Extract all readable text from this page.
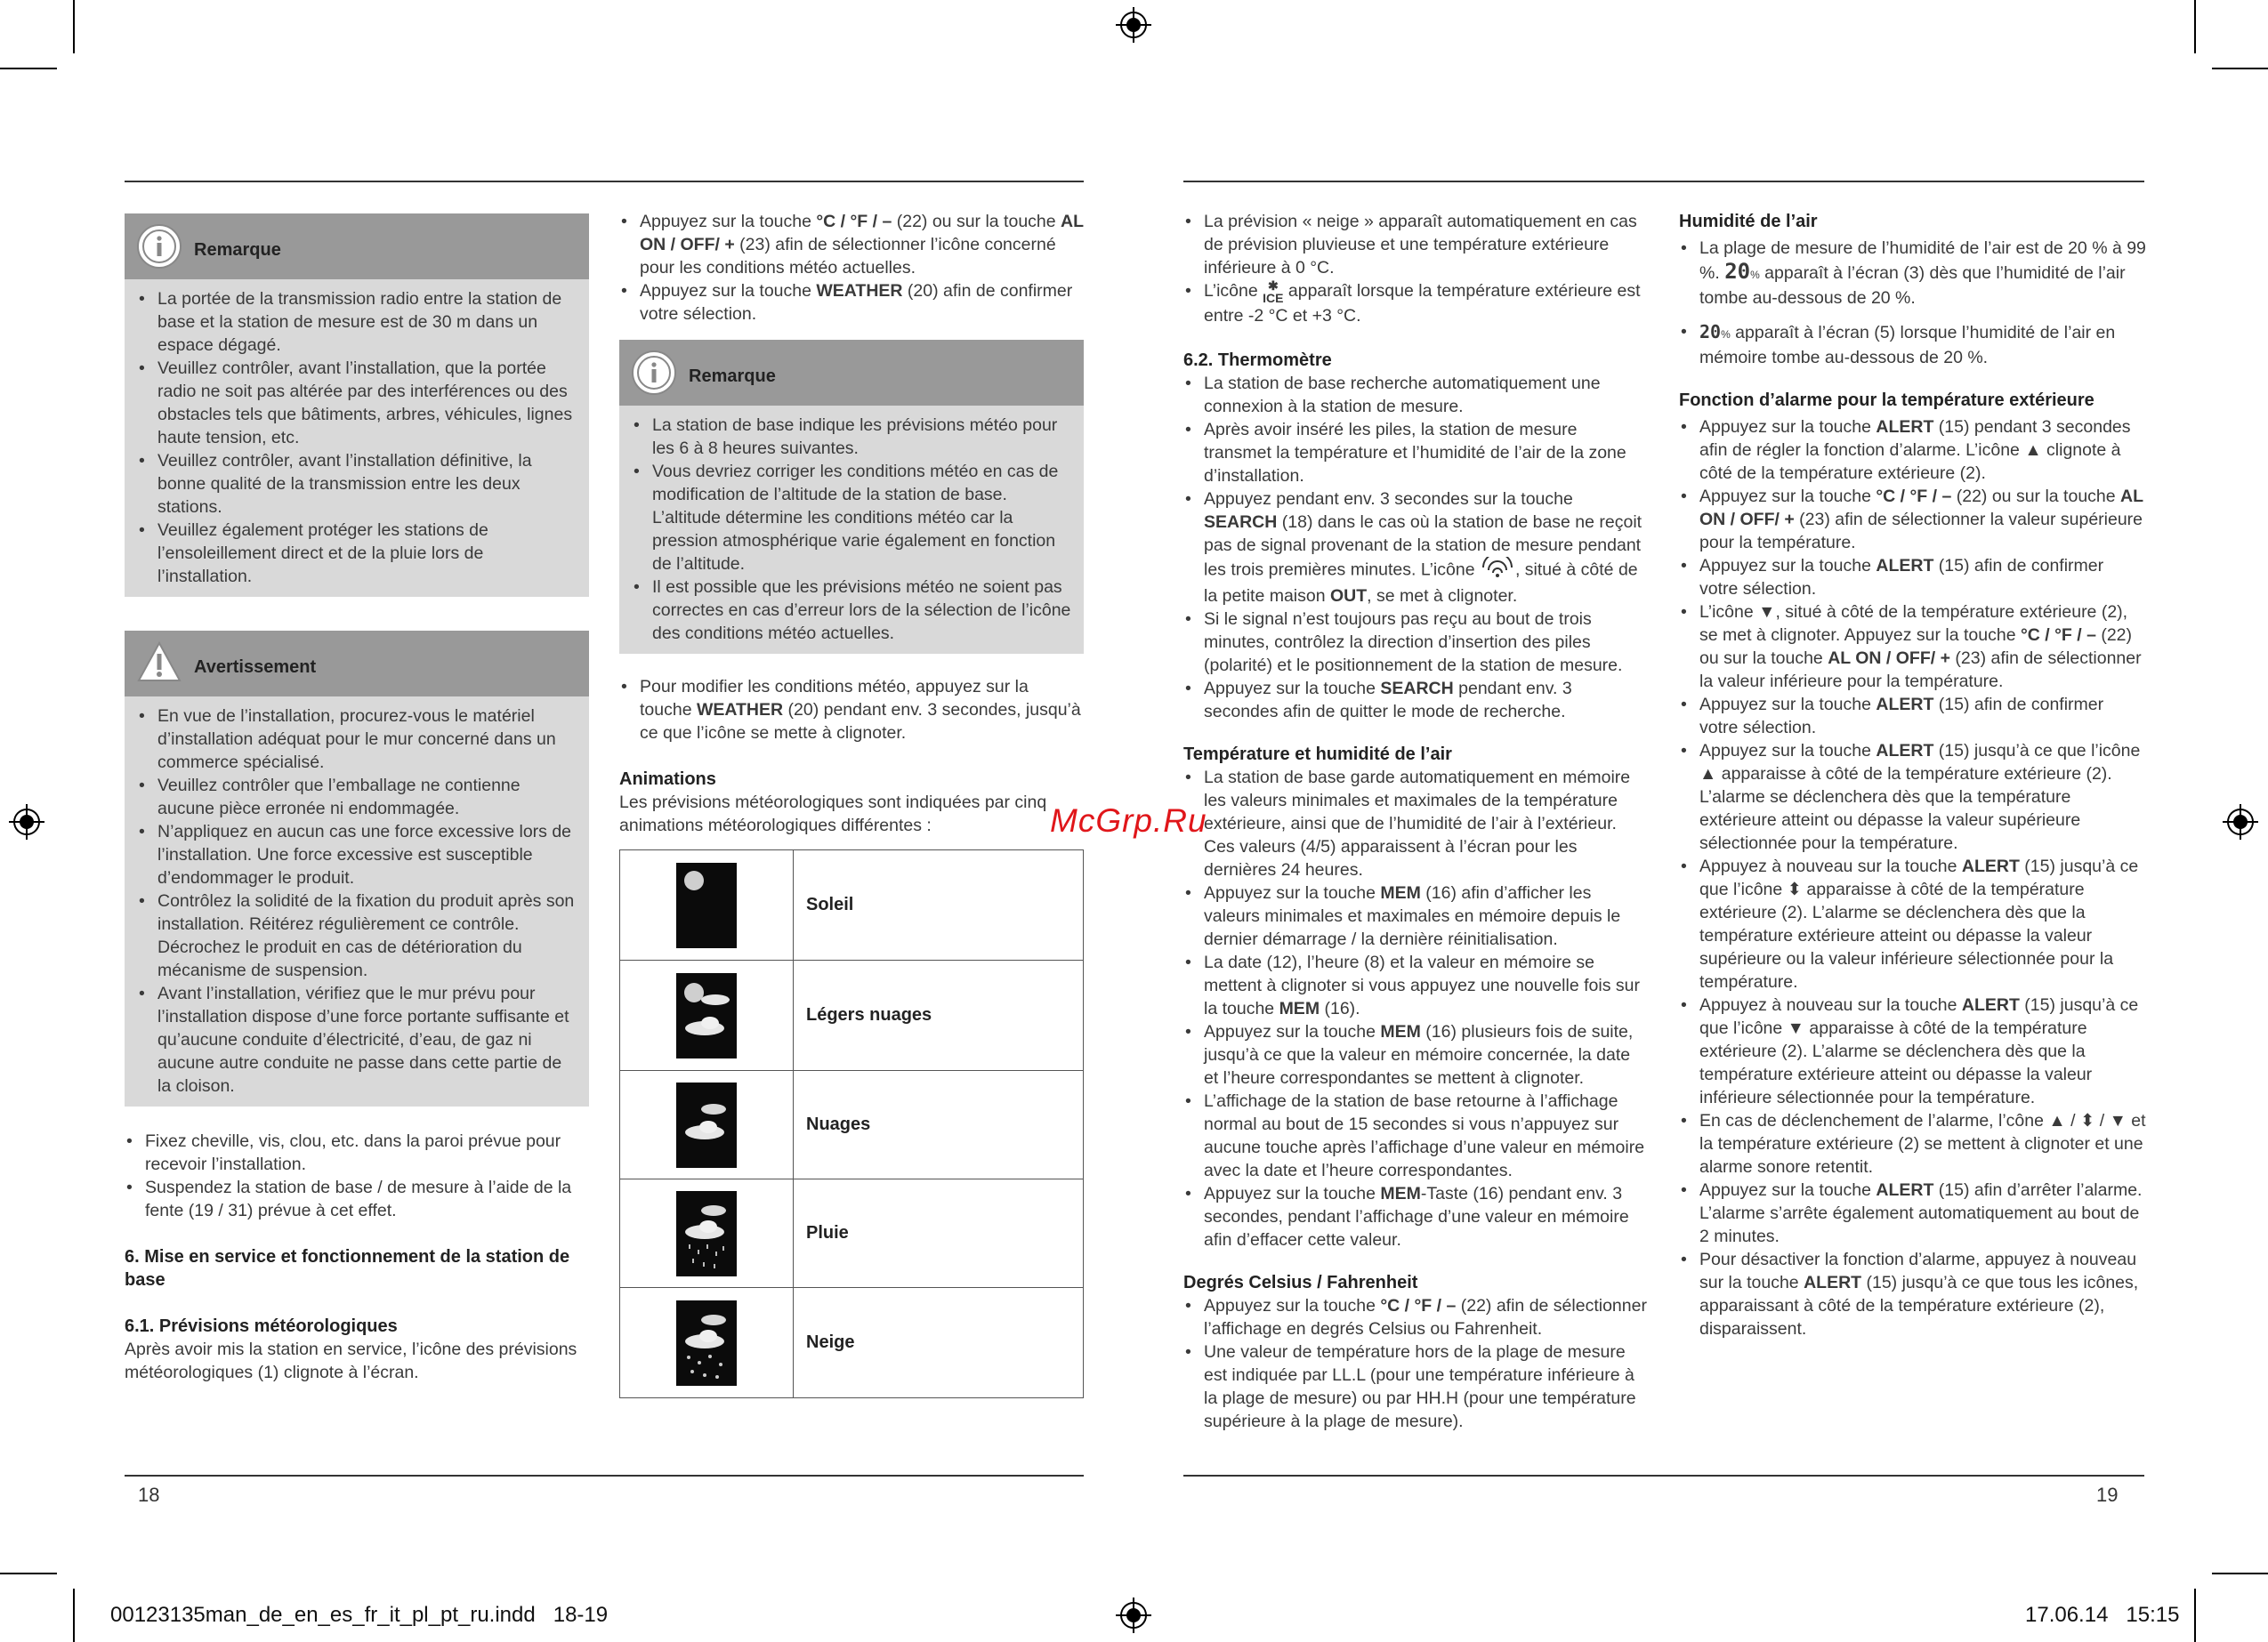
18	19
Remarque
• La portée de la transmission radio entre la station de base et la station de mesure est de 30 m dans un espace dégagé.
• Veuillez contrôler, avant l’installation, que la portée radio ne soit pas altérée par des interférences ou des obstacles tels que bâtiments, arbres, véhicules, lignes haute tension, etc.
• Veuillez contrôler, avant l’installation définitive, la bonne qualité de la transmission entre les deux stations.
• Veuillez également protéger les stations de l’ensoleillement direct et de la pluie lors de l’installation.
Avertissement
• En vue de l’installation, procurez-vous le matériel d’installation adéquat pour le mur concerné dans un commerce spécialisé.
• Veuillez contrôler que l’emballage ne contienne aucune pièce erronée ni endommagée.
• N’appliquez en aucun cas une force excessive lors de l’installation. Une force excessive est susceptible d’endommager le produit.
• Contrôlez la solidité de la fixation du produit après son installation. Réitérez régulièrement ce contrôle. Décrochez le produit en cas de détérioration du mécanisme de suspension.
• Avant l’installation, vérifiez que le mur prévu pour l’installation dispose d’une force portante suffisante et qu’aucune conduite d’électricité, d’eau, de gaz ni aucune autre conduite ne passe dans cette partie de la cloison.
• Fixez cheville, vis, clou, etc. dans la paroi prévue pour recevoir l’installation.
• Suspendez la station de base / de mesure à l’aide de la fente (19 / 31) prévue à cet effet.

6. Mise en service et fonctionnement de la station de base

6.1. Prévisions météorologiques

Après avoir mis la station en service, l’icône des prévisions météorologiques (1) clignote à l’écran.

• Appuyez sur la touche °C / °F / – (22) ou sur la touche AL ON / OFF/ + (23) afin de sélectionner l’icône concerné pour les conditions météo actuelles.
• Appuyez sur la touche WEATHER (20) afin de confirmer votre sélection.
Remarque
• La station de base indique les prévisions météo pour les 6 à 8 heures suivantes.
• Vous devriez corriger les conditions météo en cas de modification de l’altitude de la station de base. L’altitude détermine les conditions météo car la pression atmosphérique varie également en fonction de l’altitude.
• Il est possible que les prévisions météo ne soient pas correctes en cas d’erreur lors de la sélection de l’icône des conditions météo actuelles.
• Pour modifier les conditions météo, appuyez sur la touche WEATHER (20) pendant env. 3 secondes, jusqu’à ce que l’icône se mette à clignoter.

Animations

Les prévisions météorologiques sont indiquées par cinq animations météorologiques différentes :

	Soleil

	Légers nuages

	Nuages

	Pluie

	Neige
McGrp.Ru
• La prévision « neige » apparaît automatiquement en cas de prévision pluvieuse et une température extérieure inférieure à 0 °C.
• L’icône ✱
ICE apparaît lorsque la température extérieure est entre -2 °C et +3 °C.

6.2. Thermomètre

• La station de base recherche automatiquement une connexion à la station de mesure.
• Après avoir inséré les piles, la station de mesure transmet la température et l’humidité de l’air de la zone d’installation.
• Appuyez pendant env. 3 secondes sur la touche SEARCH (18) dans le cas où la station de base ne reçoit pas de signal provenant de la station de mesure pendant les trois premières minutes. L’icône , situé à côté de la petite maison OUT, se met à clignoter.
• Si le signal n’est toujours pas reçu au bout de trois minutes, contrôlez la direction d’insertion des piles (polarité) et le positionnement de la station de mesure.
• Appuyez sur la touche SEARCH pendant env. 3 secondes afin de quitter le mode de recherche.

Température et humidité de l’air

• La station de base garde automatiquement en mémoire les valeurs minimales et maximales de la température extérieure, ainsi que de l’humidité de l’air à l’extérieur. Ces valeurs (4/5) apparaissent à l’écran pour les dernières 24 heures.
• Appuyez sur la touche MEM (16) afin d’afficher les valeurs minimales et maximales en mémoire depuis le dernier démarrage / la dernière réinitialisation.
• La date (12), l’heure (8) et la valeur en mémoire se mettent à clignoter si vous appuyez une nouvelle fois sur la touche MEM (16).
• Appuyez sur la touche MEM (16) plusieurs fois de suite, jusqu’à ce que la valeur en mémoire concernée, la date et l’heure correspondantes se mettent à clignoter.
• L’affichage de la station de base retourne à l’affichage normal au bout de 15 secondes si vous n’appuyez sur aucune touche après l’affichage d’une valeur en mémoire avec la date et l’heure correspondantes.
• Appuyez sur la touche MEM-Taste (16) pendant env. 3 secondes, pendant l’affichage d’une valeur en mémoire afin d’effacer cette valeur.

Degrés Celsius / Fahrenheit

• Appuyez sur la touche °C / °F / – (22) afin de sélectionner l’affichage en degrés Celsius ou Fahrenheit.
• Une valeur de température hors de la plage de mesure est indiquée par LL.L (pour une température inférieure à la plage de mesure) ou par HH.H (pour une température supérieure à la plage de mesure).

Humidité de l’air

• La plage de mesure de l’humidité de l’air est de 20 % à 99 %. 20% apparaît à l’écran (3) dès que l’humidité de l’air tombe au-dessous de 20 %.
• 20% apparaît à l’écran (5) lorsque l’humidité de l’air en mémoire tombe au-dessous de 20 %.

Fonction d’alarme pour la température extérieure

• Appuyez sur la touche ALERT (15) pendant 3 secondes afin de régler la fonction d’alarme. L’icône ▲ clignote à côté de la température extérieure (2).
• Appuyez sur la touche °C / °F / – (22) ou sur la touche AL ON / OFF/ + (23) afin de sélectionner la valeur supérieure pour la température.
• Appuyez sur la touche ALERT (15) afin de confirmer votre sélection.
• L’icône ▼, situé à côté de la température extérieure (2), se met à clignoter. Appuyez sur la touche °C / °F / – (22) ou sur la touche AL ON / OFF/ + (23) afin de sélectionner la valeur inférieure pour la température.
• Appuyez sur la touche ALERT (15) afin de confirmer votre sélection.
• Appuyez sur la touche ALERT (15) jusqu’à ce que l’icône ▲ apparaisse à côté de la température extérieure (2). L’alarme se déclenchera dès que la température extérieure atteint ou dépasse la valeur supérieure sélectionnée pour la température.
• Appuyez à nouveau sur la touche ALERT (15) jusqu’à ce que l’icône ⬍ apparaisse à côté de la température extérieure (2). L’alarme se déclenchera dès que la température extérieure atteint ou dépasse la valeur supérieure ou la valeur inférieure sélectionnée pour la température.
• Appuyez à nouveau sur la touche ALERT (15) jusqu’à ce que l’icône ▼ apparaisse à côté de la température extérieure (2). L’alarme se déclenchera dès que la température extérieure atteint ou dépasse la valeur inférieure sélectionnée pour la température.
• En cas de déclenchement de l’alarme, l’cône ▲ / ⬍ / ▼ et la température extérieure (2) se mettent à clignoter et une alarme sonore retentit.
• Appuyez sur la touche ALERT (15) afin d’arrêter l’alarme. L’alarme s’arrête également automatiquement au bout de 2 minutes.
• Pour désactiver la fonction d’alarme, appuyez à nouveau sur la touche ALERT (15) jusqu’à ce que tous les icônes, apparaissant à côté de la température extérieure (2), disparaissent.
00123135man_de_en_es_fr_it_pl_pt_ru.indd   18-19	17.06.14   15:15
